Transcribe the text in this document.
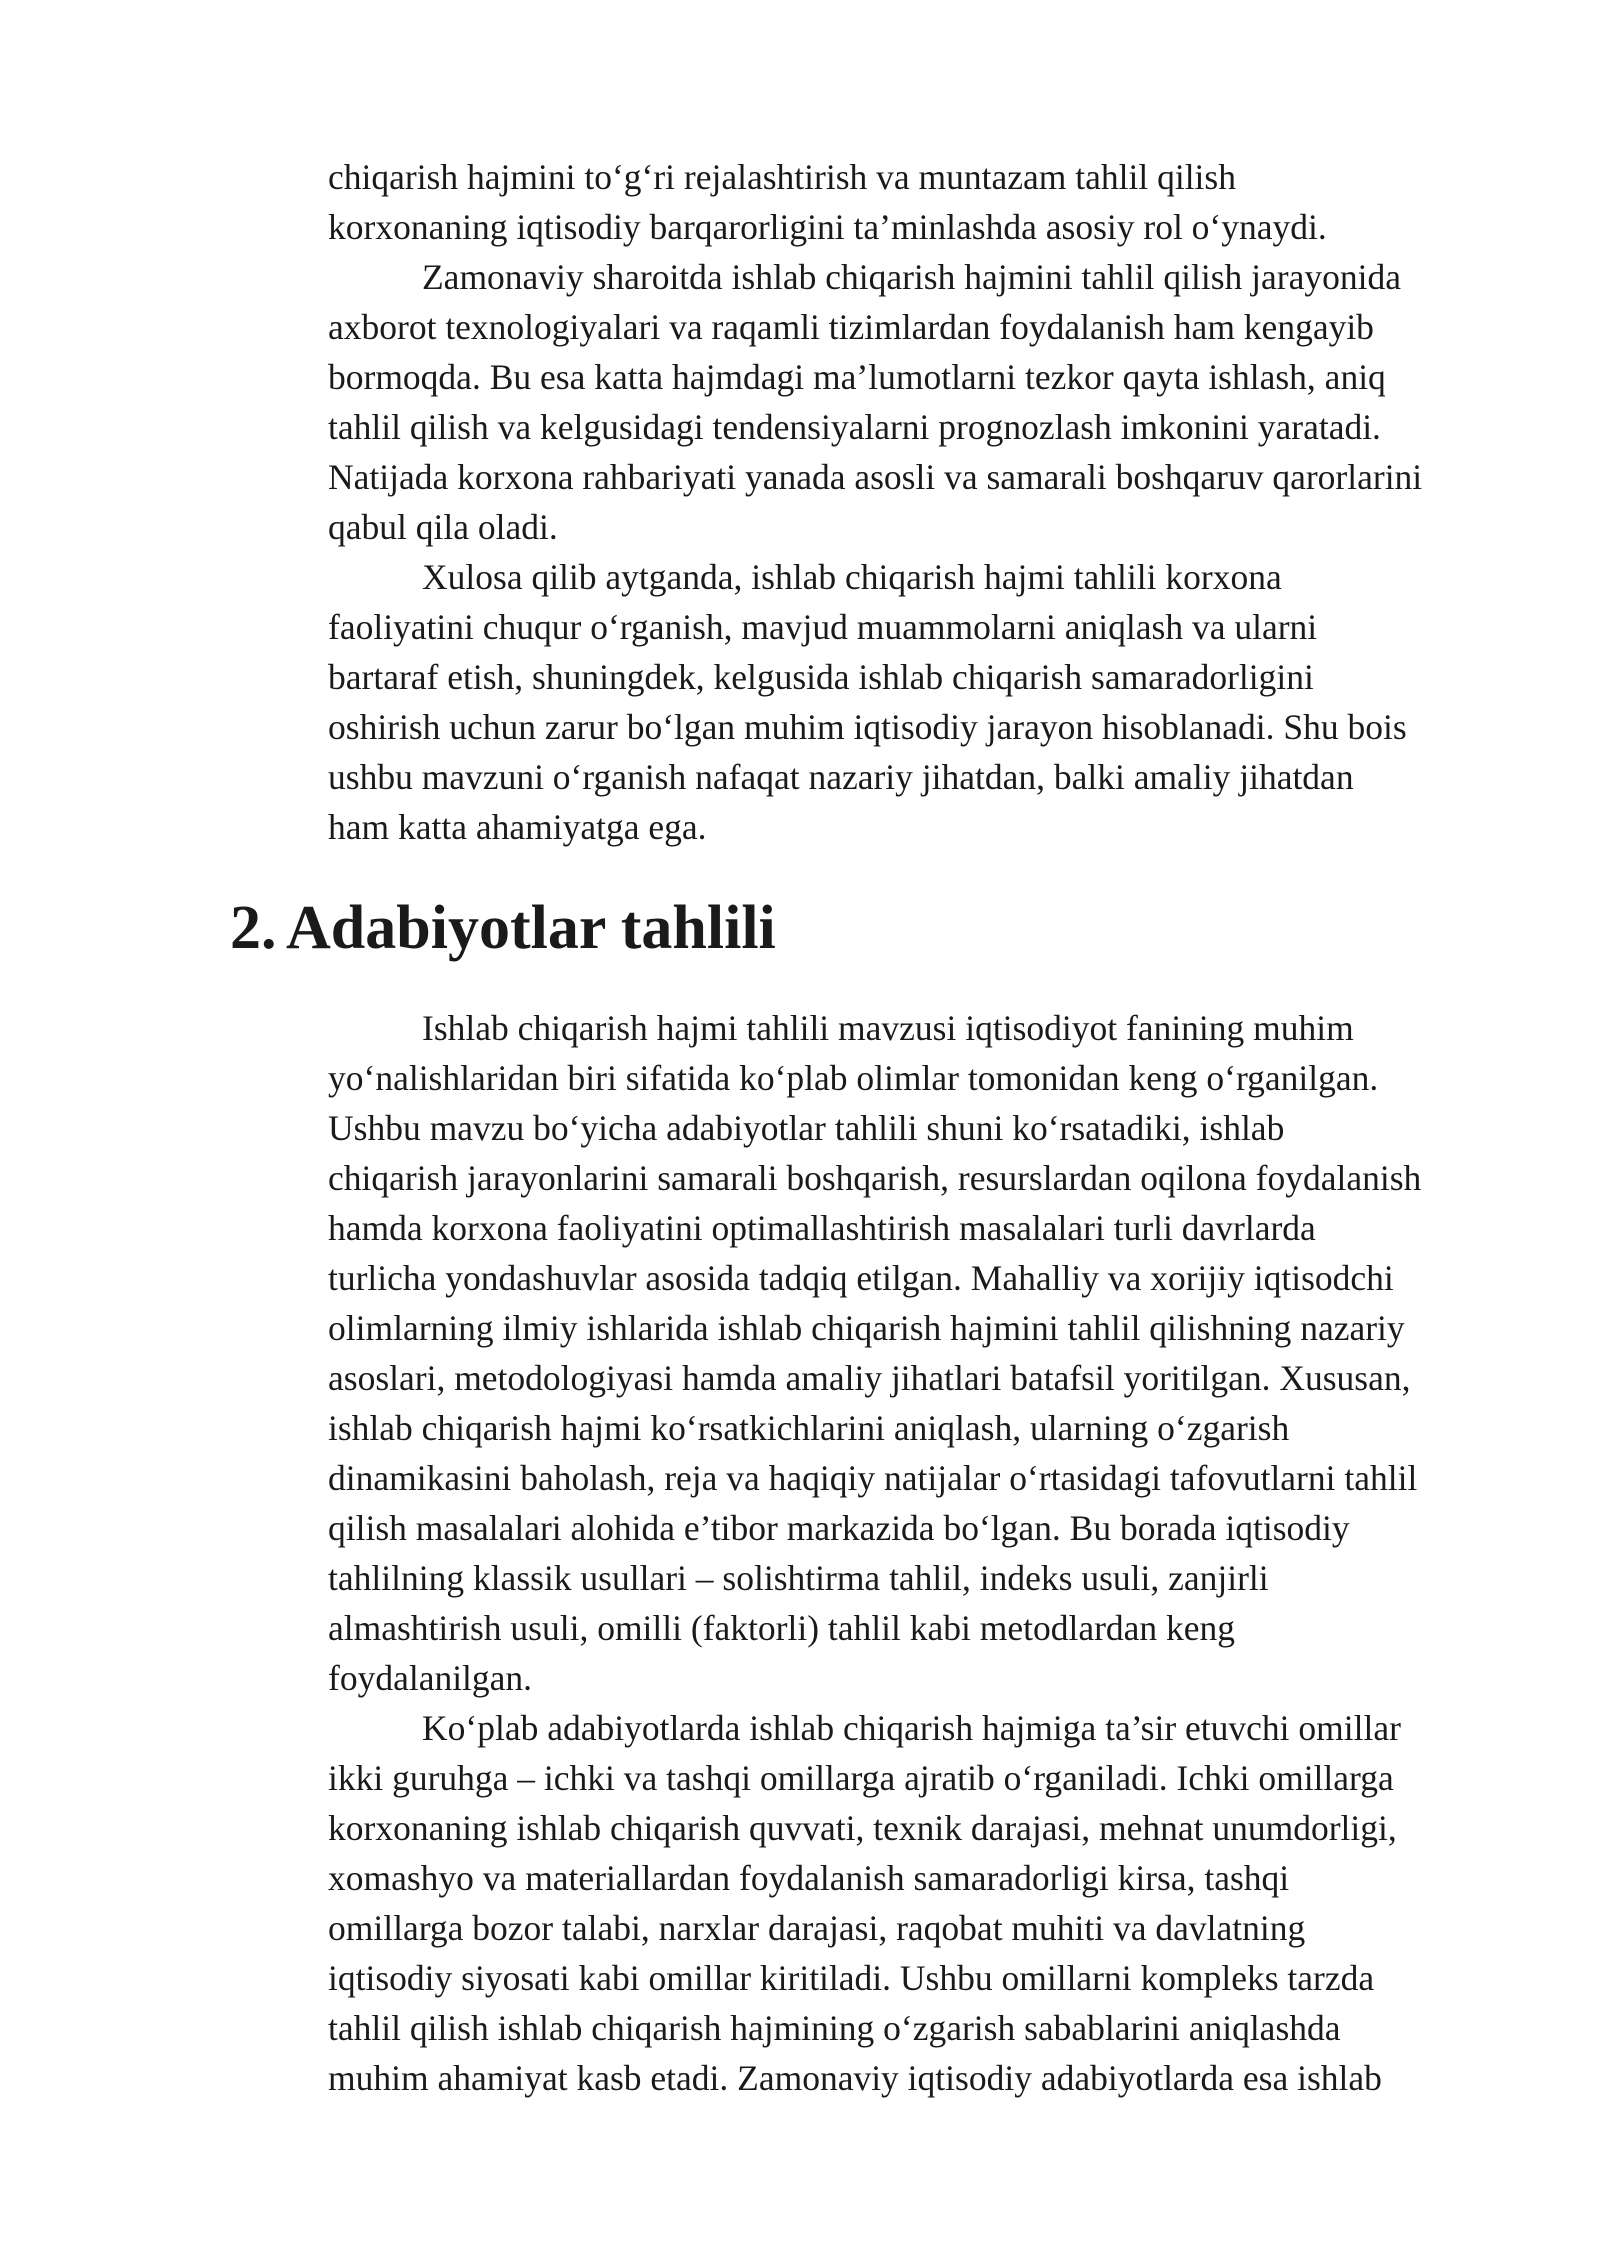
chiqarish hajmini to‘g‘ri rejalashtirish va muntazam tahlil qilish
korxonaning iqtisodiy barqarorligini ta’minlashda asosiy rol o‘ynaydi.
Zamonaviy sharoitda ishlab chiqarish hajmini tahlil qilish jarayonida
axborot texnologiyalari va raqamli tizimlardan foydalanish ham kengayib
bormoqda. Bu esa katta hajmdagi ma’lumotlarni tezkor qayta ishlash, aniq
tahlil qilish va kelgusidagi tendensiyalarni prognozlash imkonini yaratadi.
Natijada korxona rahbariyati yanada asosli va samarali boshqaruv qarorlarini
qabul qila oladi.
Xulosa qilib aytganda, ishlab chiqarish hajmi tahlili korxona
faoliyatini chuqur o‘rganish, mavjud muammolarni aniqlash va ularni
bartaraf etish, shuningdek, kelgusida ishlab chiqarish samaradorligini
oshirish uchun zarur bo‘lgan muhim iqtisodiy jarayon hisoblanadi. Shu bois
ushbu mavzuni o‘rganish nafaqat nazariy jihatdan, balki amaliy jihatdan
ham katta ahamiyatga ega.
2. Adabiyotlar tahlili
Ishlab chiqarish hajmi tahlili mavzusi iqtisodiyot fanining muhim
yo‘nalishlaridan biri sifatida ko‘plab olimlar tomonidan keng o‘rganilgan.
Ushbu mavzu bo‘yicha adabiyotlar tahlili shuni ko‘rsatadiki, ishlab
chiqarish jarayonlarini samarali boshqarish, resurslardan oqilona foydalanish
hamda korxona faoliyatini optimallashtirish masalalari turli davrlarda
turlicha yondashuvlar asosida tadqiq etilgan. Mahalliy va xorijiy iqtisodchi
olimlarning ilmiy ishlarida ishlab chiqarish hajmini tahlil qilishning nazariy
asoslari, metodologiyasi hamda amaliy jihatlari batafsil yoritilgan. Xususan,
ishlab chiqarish hajmi ko‘rsatkichlarini aniqlash, ularning o‘zgarish
dinamikasini baholash, reja va haqiqiy natijalar o‘rtasidagi tafovutlarni tahlil
qilish masalalari alohida e’tibor markazida bo‘lgan. Bu borada iqtisodiy
tahlilning klassik usullari – solishtirma tahlil, indeks usuli, zanjirli
almashtirish usuli, omilli (faktorli) tahlil kabi metodlardan keng
foydalanilgan.
Ko‘plab adabiyotlarda ishlab chiqarish hajmiga ta’sir etuvchi omillar
ikki guruhga – ichki va tashqi omillarga ajratib o‘rganiladi. Ichki omillarga
korxonaning ishlab chiqarish quvvati, texnik darajasi, mehnat unumdorligi,
xomashyo va materiallardan foydalanish samaradorligi kirsa, tashqi
omillarga bozor talabi, narxlar darajasi, raqobat muhiti va davlatning
iqtisodiy siyosati kabi omillar kiritiladi. Ushbu omillarni kompleks tarzda
tahlil qilish ishlab chiqarish hajmining o‘zgarish sabablarini aniqlashda
muhim ahamiyat kasb etadi. Zamonaviy iqtisodiy adabiyotlarda esa ishlab
